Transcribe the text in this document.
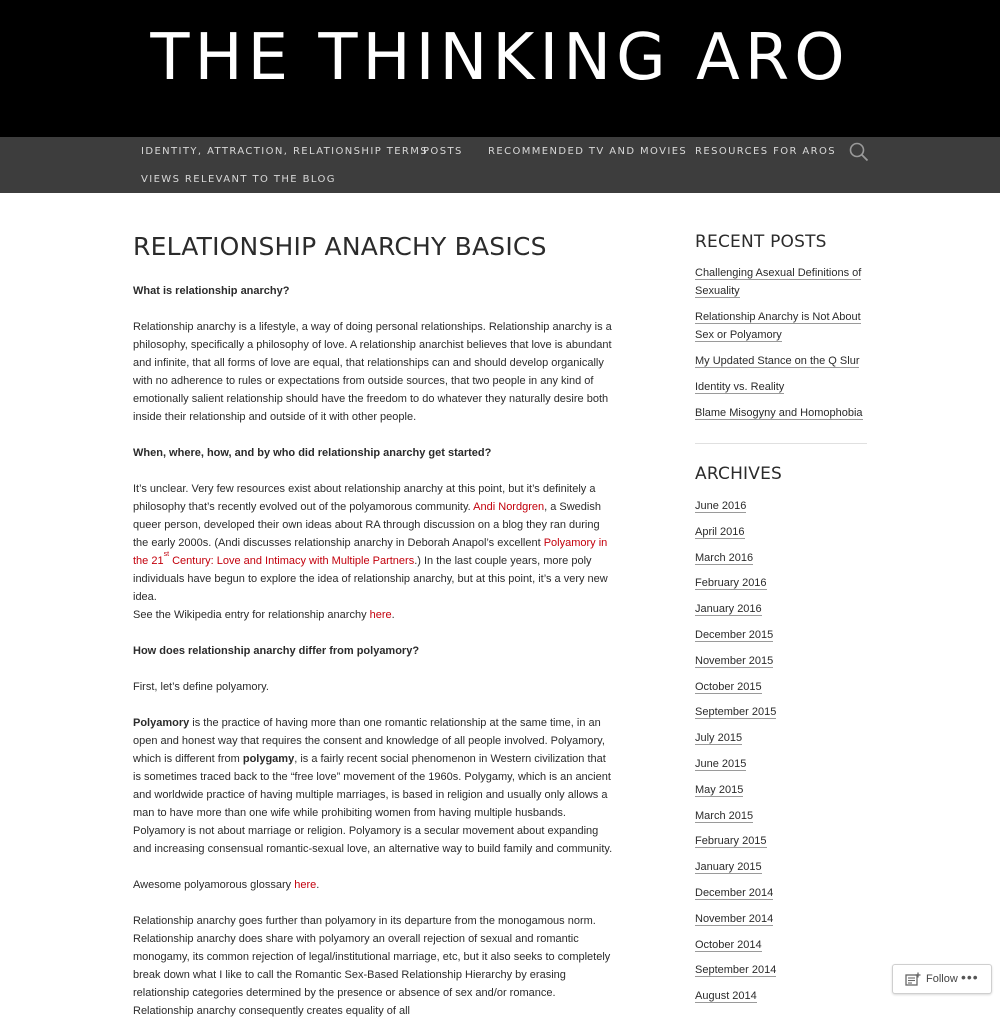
THE THINKING ARO
IDENTITY, ATTRACTION, RELATIONSHIP TERMS
POSTS	RECOMMENDED TV AND MOVIES RESOURCES FOR AROS
VIEWS RELEVANT TO THE BLOG
RELATIONSHIP ANARCHY BASICS

What is relationship anarchy?

Relationship anarchy is a lifestyle, a way of doing personal relationships. Relationship anarchy is a philosophy, specifically a philosophy of love. A relationship anarchist believes that love is abundant and infinite, that all forms of love are equal, that relationships can and should develop organically with no adherence to rules or expectations from outside sources, that two people in any kind of emotionally salient relationship should have the freedom to do whatever they naturally desire both inside their relationship and outside of it with other people.

When, where, how, and by who did relationship anarchy get started?

It’s unclear. Very few resources exist about relationship anarchy at this point, but it’s definitely a philosophy that’s recently evolved out of the polyamorous community. Andi Nordgren, a Swedish queer person, developed their own ideas about RA through discussion on a blog they ran during the early 2000s. (Andi discusses relationship anarchy in Deborah Anapol’s excellent Polyamory in the 21st Century: Love and Intimacy with Multiple Partners.) In the last couple years, more poly individuals have begun to explore the idea of relationship anarchy, but at this point, it’s a very new idea.

See the Wikipedia entry for relationship anarchy here.

How does relationship anarchy differ from polyamory?

First, let’s define polyamory.

Polyamory is the practice of having more than one romantic relationship at the same time, in an open and honest way that requires the consent and knowledge of all people involved. Polyamory, which is different from polygamy, is a fairly recent social phenomenon in Western civilization that is sometimes traced back to the “free love” movement of the 1960s. Polygamy, which is an ancient and worldwide practice of having multiple marriages, is based in religion and usually only allows a man to have more than one wife while prohibiting women from having multiple husbands. Polyamory is not about marriage or religion. Polyamory is a secular movement about expanding and increasing consensual romantic-sexual love, an alternative way to build family and community.

Awesome polyamorous glossary here.

Relationship anarchy goes further than polyamory in its departure from the monogamous norm. Relationship anarchy does share with polyamory an overall rejection of sexual and romantic monogamy, its common rejection of legal/institutional marriage, etc, but it also seeks to completely break down what I like to call the Romantic Sex-Based Relationship Hierarchy by erasing relationship categories determined by the presence or absence of sex and/or romance. Relationship anarchy consequently creates equality of all

RECENT POSTS
Challenging Asexual Definitions of Sexuality
Relationship Anarchy is Not About Sex or Polyamory
My Updated Stance on the Q Slur
Identity vs. Reality
Blame Misogyny and Homophobia
ARCHIVES
June 2016
April 2016
March 2016
February 2016
January 2016
December 2015
November 2015
October 2015
September 2015
July 2015
June 2015
May 2015
March 2015
February 2015
January 2015
December 2014
November 2014
October 2014
September 2014
August 2014
Follow •••
